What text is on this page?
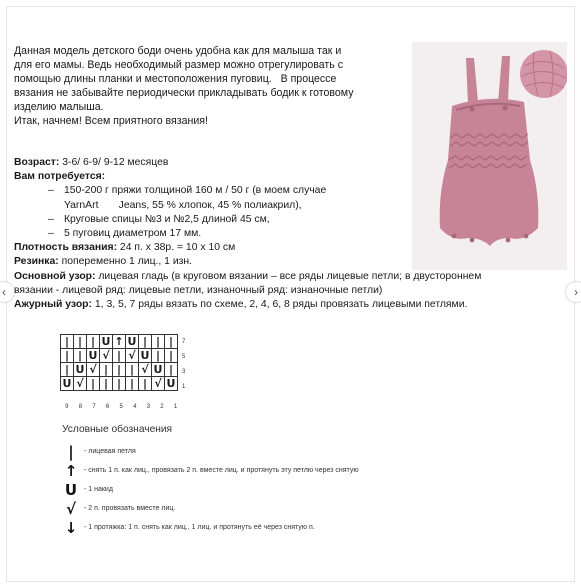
Данная модель детского боди очень удобна как для малыша так и

для его мамы. Ведь необходимый размер можно отрегулировать с

помощью длины планки и местоположения пуговиц.   В процессе

вязания не забывайте периодически прикладывать бодик к готовому

изделию малыша.

Итак, начнем! Всем приятного вязания!

Возраст: 3-6/ 6-9/ 9-12 месяцев
Вам потребуется:
– 150-200 г пряжи толщиной 160 м / 50 г (в моем случае
YarnArt       Jeans, 55 % хлопок, 45 % полиакрил),
– Круговые спицы №3 и №2,5 длиной 45 см,
– 5 пуговиц диаметром 17 мм.
Плотность вязания: 24 п. х 38р. = 10 х 10 см
Резинка: попеременно 1 лиц., 1 изн.
Основной узор: лицевая гладь (в круговом вязании – все ряды лицевые петли; в двустороннем
вязании - лицевой ряд: лицевые петли, изнаночный ряд: изнаночные петли)
Ажурный узор: 1, 3, 5, 7 ряды вязать по схеме, 2, 4, 6, 8 ряды провязать лицевыми петлями.
‹	›
|	|	|	U	↑	U	|	|	|
|	|	U	√	|	√	U	|	|
|	U	√	|	|	|	√	U	|
U	√	|	|	|	|	|	√	U
7
5
3
1
9 8 7 6 5 4 3 2 1
Условные обозначения
|	- лицевая петля
↑ - снять 1 п. как лиц., провязать 2 п. вместе лиц. и протянуть эту петлю через снятую
U - 1 накид
√	- 2 п. провязать вместе лиц.
↓ - 1 протяжка: 1 п. снять как лиц., 1 лиц. и протянуть её через снятую п.
